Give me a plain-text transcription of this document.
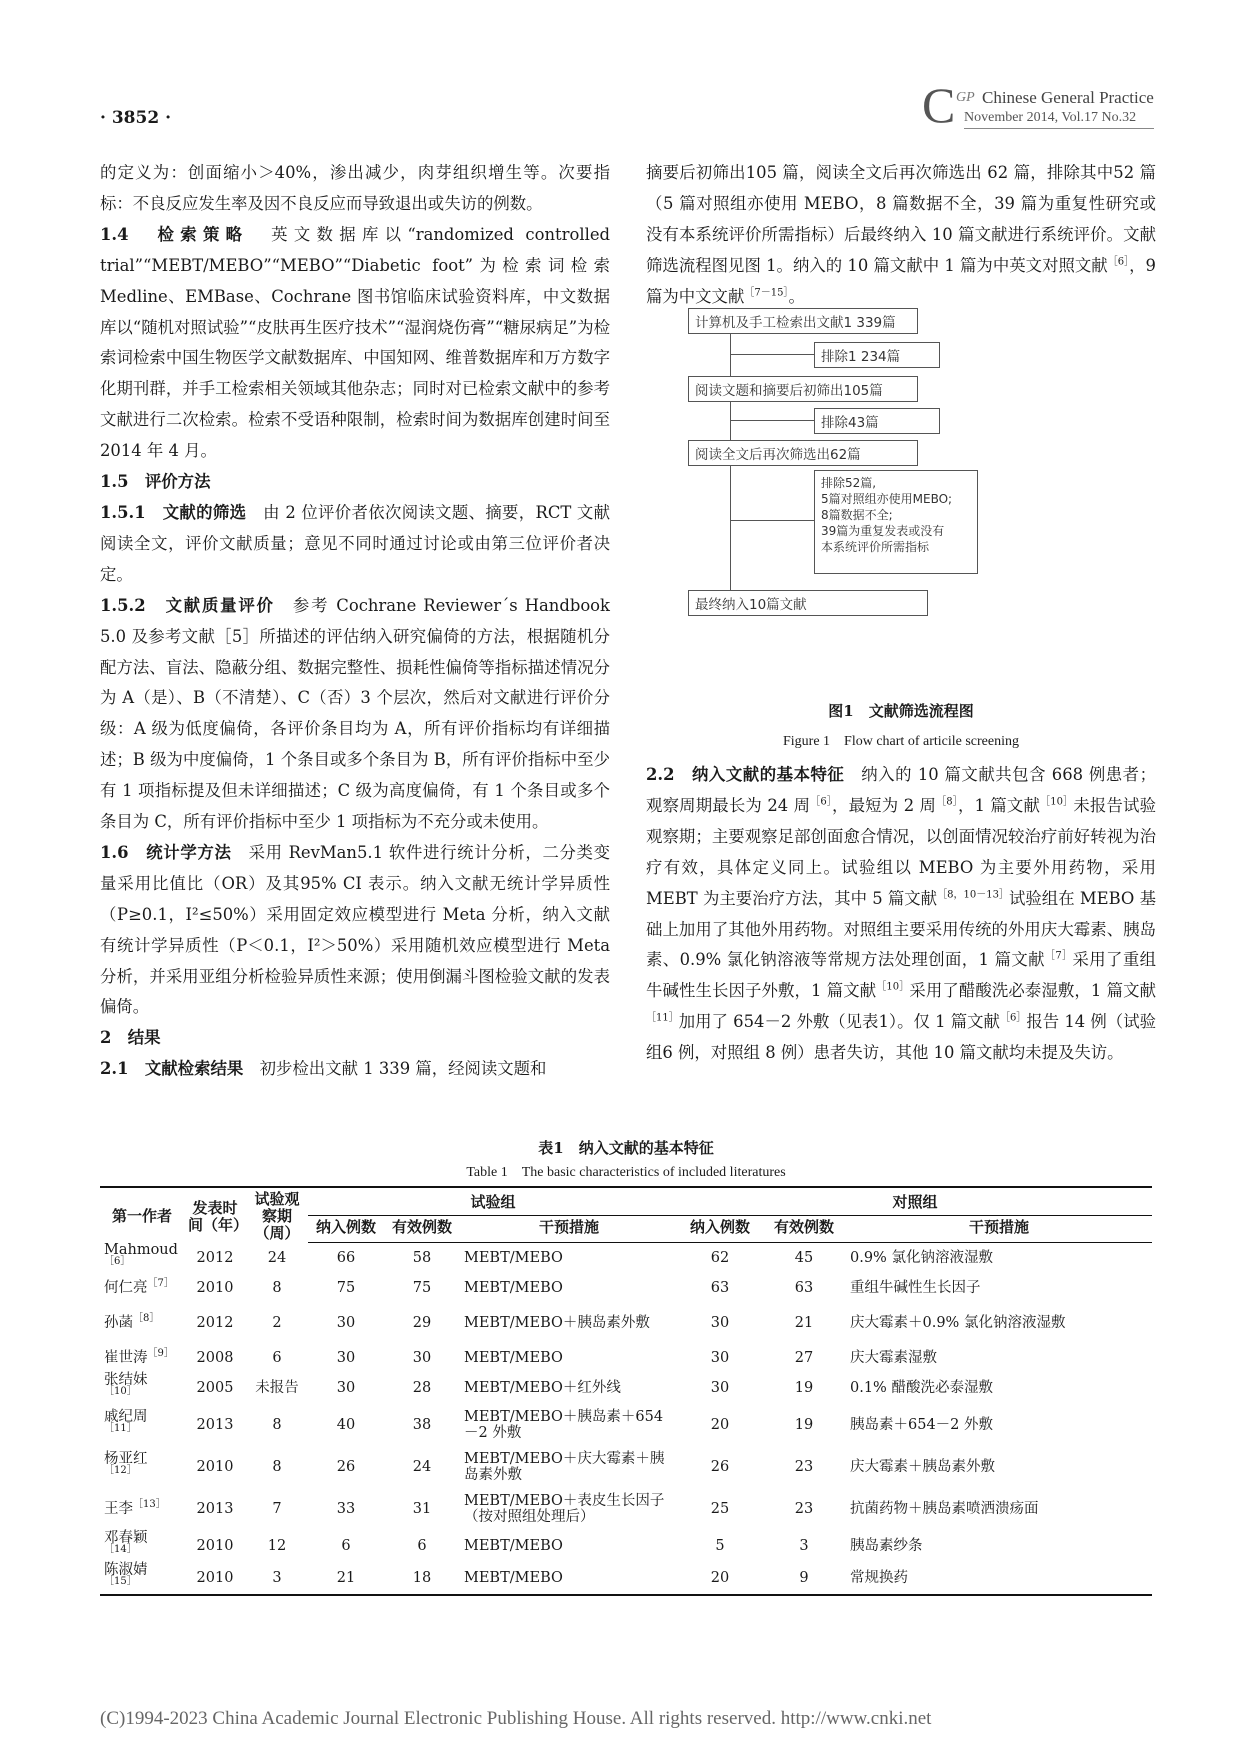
· 3852 ·	C GP Chinese General Practice
November 2014, Vol.17 No.32

的定义为：创面缩小＞40%，渗出减少，肉芽组织增生等。次要指标：不良反应发生率及因不良反应而导致退出或失访的例数。

1.4　检索策略　英文数据库以“randomized controlled trial”“MEBT/MEBO”“MEBO”“Diabetic foot”为检索词检索 Medline、EMBase、Cochrane 图书馆临床试验资料库，中文数据库以“随机对照试验”“皮肤再生医疗技术”“湿润烧伤膏”“糖尿病足”为检索词检索中国生物医学文献数据库、中国知网、维普数据库和万方数字化期刊群，并手工检索相关领域其他杂志；同时对已检索文献中的参考文献进行二次检索。检索不受语种限制，检索时间为数据库创建时间至 2014 年 4 月。

1.5　评价方法

1.5.1　文献的筛选　由 2 位评价者依次阅读文题、摘要，RCT 文献阅读全文，评价文献质量；意见不同时通过讨论或由第三位评价者决定。

1.5.2　文献质量评价　参考 Cochrane Reviewer´s Handbook 5.0 及参考文献［5］所描述的评估纳入研究偏倚的方法，根据随机分配方法、盲法、隐蔽分组、数据完整性、损耗性偏倚等指标描述情况分为 A（是）、B（不清楚）、C（否）3 个层次，然后对文献进行评价分级：A 级为低度偏倚，各评价条目均为 A，所有评价指标均有详细描述；B 级为中度偏倚，1 个条目或多个条目为 B，所有评价指标中至少有 1 项指标提及但未详细描述；C 级为高度偏倚，有 1 个条目或多个条目为 C，所有评价指标中至少 1 项指标为不充分或未使用。

1.6　统计学方法　采用 RevMan5.1 软件进行统计分析，二分类变量采用比值比（OR）及其95% CI 表示。纳入文献无统计学异质性（P≥0.1，I²≤50%）采用固定效应模型进行 Meta 分析，纳入文献有统计学异质性（P＜0.1，I²＞50%）采用随机效应模型进行 Meta 分析，并采用亚组分析检验异质性来源；使用倒漏斗图检验文献的发表偏倚。

2　结果

2.1　文献检索结果　初步检出文献 1 339 篇，经阅读文题和

摘要后初筛出105 篇，阅读全文后再次筛选出 62 篇，排除其中52 篇（5 篇对照组亦使用 MEBO，8 篇数据不全，39 篇为重复性研究或没有本系统评价所需指标）后最终纳入 10 篇文献进行系统评价。文献筛选流程图见图 1。纳入的 10 篇文献中 1 篇为中英文对照文献$^{[6]}$，9 篇为中文文献$^{[7-15]}$。

计算机及手工检索出文献1 339篇
排除1 234篇
阅读文题和摘要后初筛出105篇
排除43篇
阅读全文后再次筛选出62篇
排除52篇,
5篇对照组亦使用MEBO;
8篇数据不全;
39篇为重复发表或没有
本系统评价所需指标
最终纳入10篇文献
图1　文献筛选流程图
Figure 1　Flow chart of articile screening

2.2　纳入文献的基本特征　纳入的 10 篇文献共包含 668 例患者；观察周期最长为 24 周$^{[6]}$，最短为 2 周$^{[8]}$，1 篇文献$^{[10]}$未报告试验观察期；主要观察足部创面愈合情况，以创面情况较治疗前好转视为治疗有效，具体定义同上。试验组以 MEBO 为主要外用药物，采用 MEBT 为主要治疗方法，其中 5 篇文献$^{[8,10-13]}$试验组在 MEBO 基础上加用了其他外用药物。对照组主要采用传统的外用庆大霉素、胰岛素、0.9% 氯化钠溶液等常规方法处理创面，1 篇文献$^{[7]}$采用了重组牛碱性生长因子外敷，1 篇文献$^{[10]}$采用了醋酸洗必泰湿敷，1 篇文献$^{[11]}$加用了 654－2 外敷（见表1）。仅 1 篇文献$^{[6]}$报告 14 例（试验组6 例，对照组 8 例）患者失访，其他 10 篇文献均未提及失访。

表1　纳入文献的基本特征
Table 1　The basic characteristics of included literatures
第一作者	发表时间（年）	试验观察期（周）	试验组			对照组		
			纳入例数	有效例数	干预措施	纳入例数	有效例数	干预措施
Mahmoud$^{[6]}$	2012	24	66	58	MEBT/MEBO	62	45	0.9% 氯化钠溶液湿敷
何仁亮$^{[7]}$	2010	8	75	75	MEBT/MEBO	63	63	重组牛碱性生长因子
孙菡$^{[8]}$	2012	2	30	29	MEBT/MEBO＋胰岛素外敷	30	21	庆大霉素＋0.9% 氯化钠溶液湿敷
崔世涛$^{[9]}$	2008	6	30	30	MEBT/MEBO	30	27	庆大霉素湿敷
张结妹$^{[10]}$	2005	未报告	30	28	MEBT/MEBO＋红外线	30	19	0.1% 醋酸洗必泰湿敷
戚纪周$^{[11]}$	2013	8	40	38	MEBT/MEBO＋胰岛素＋654－2 外敷	20	19	胰岛素＋654－2 外敷
杨亚红$^{[12]}$	2010	8	26	24	MEBT/MEBO＋庆大霉素＋胰岛素外敷	26	23	庆大霉素＋胰岛素外敷
王李$^{[13]}$	2013	7	33	31	MEBT/MEBO＋表皮生长因子（按对照组处理后）	25	23	抗菌药物＋胰岛素喷洒溃疡面
邓春颖$^{[14]}$	2010	12	6	6	MEBT/MEBO	5	3	胰岛素纱条
陈淑婧$^{[15]}$	2010	3	21	18	MEBT/MEBO	20	9	常规换药
(C)1994-2023 China Academic Journal Electronic Publishing House. All rights reserved. http://www.cnki.net
